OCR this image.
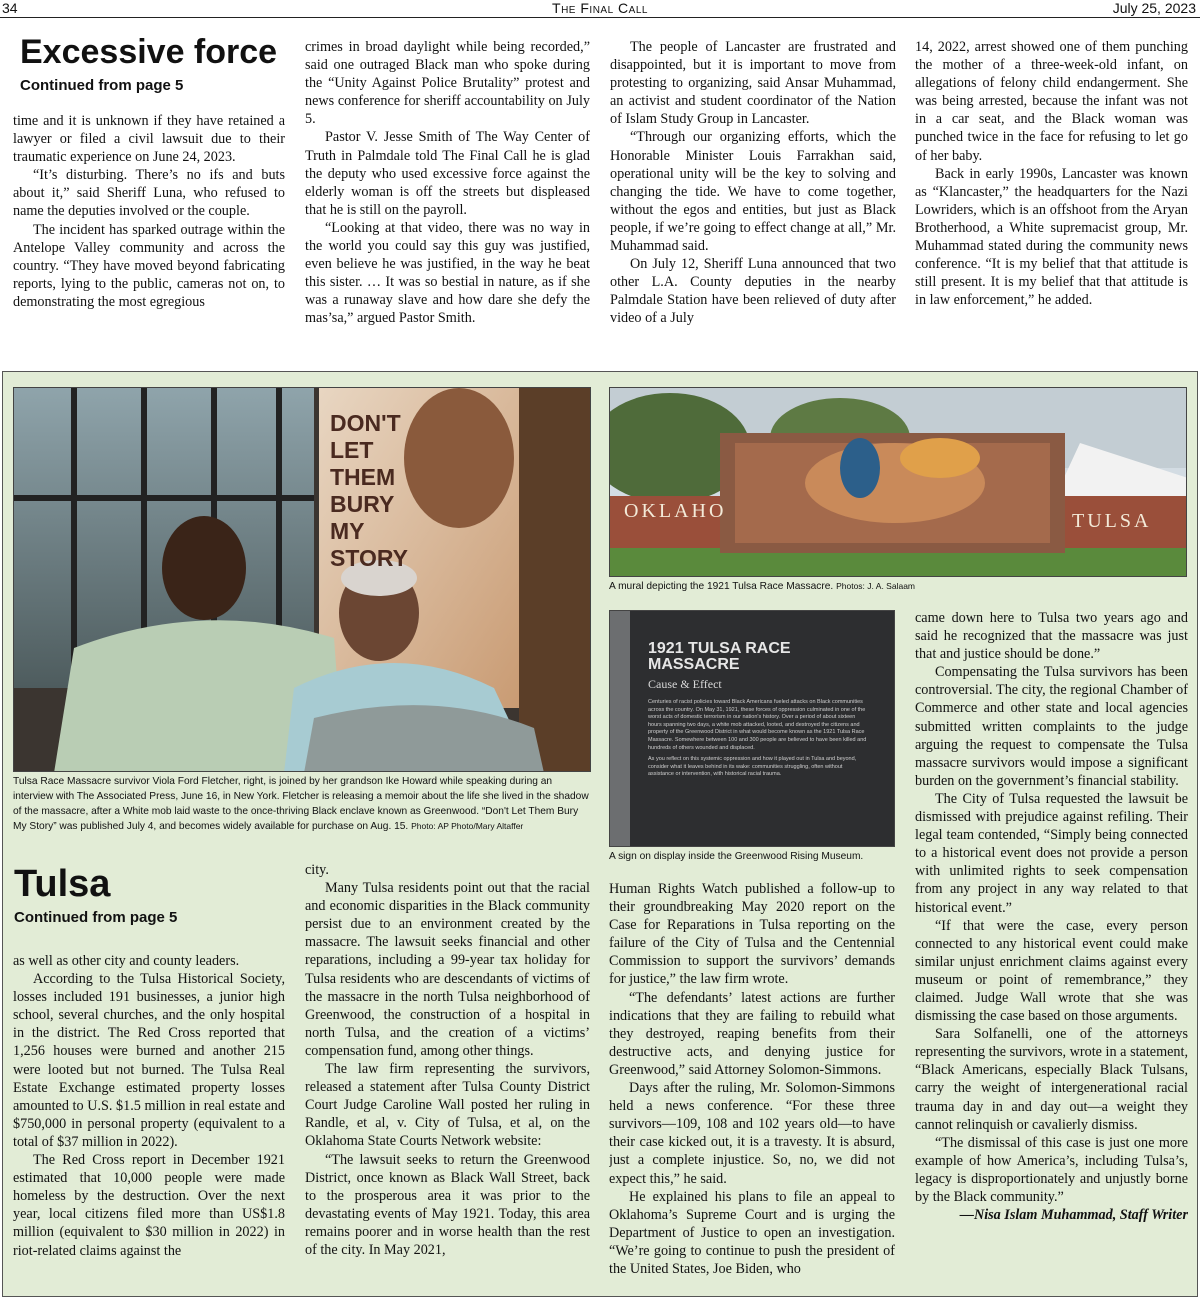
34	The Final Call	July 25, 2023
Excessive force
Continued from page 5

time and it is unknown if they have retained a lawyer or filed a civil lawsuit due to their traumatic experience on June 24, 2023.

“It’s disturbing. There’s no ifs and buts about it,” said Sheriff Luna, who refused to name the deputies involved or the couple.

The incident has sparked outrage within the Antelope Valley community and across the country. “They have moved beyond fabricating reports, lying to the public, cameras not on, to demonstrating the most egregious

crimes in broad daylight while being recorded,” said one outraged Black man who spoke during the “Unity Against Police Brutality” protest and news conference for sheriff accountability on July 5.

Pastor V. Jesse Smith of The Way Center of Truth in Palmdale told The Final Call he is glad the deputy who used excessive force against the elderly woman is off the streets but displeased that he is still on the payroll.

“Looking at that video, there was no way in the world you could say this guy was justified, even believe he was justified, in the way he beat this sister. … It was so bestial in nature, as if she was a runaway slave and how dare she defy the mas’sa,” argued Pastor Smith.

The people of Lancaster are frustrated and disappointed, but it is important to move from protesting to organizing, said Ansar Muhammad, an activist and student coordinator of the Nation of Islam Study Group in Lancaster.

“Through our organizing efforts, which the Honorable Minister Louis Farrakhan said, operational unity will be the key to solving and changing the tide. We have to come together, without the egos and entities, but just as Black people, if we’re going to effect change at all,” Mr. Muhammad said.

On July 12, Sheriff Luna announced that two other L.A. County deputies in the nearby Palmdale Station have been relieved of duty after video of a July

14, 2022, arrest showed one of them punching the mother of a three-week-old infant, on allegations of felony child endangerment. She was being arrested, because the infant was not in a car seat, and the Black woman was punched twice in the face for refusing to let go of her baby.

Back in early 1990s, Lancaster was known as “Klancaster,” the headquarters for the Nazi Lowriders, which is an offshoot from the Aryan Brotherhood, a White supremacist group, Mr. Muhammad stated during the community news conference. “It is my belief that that attitude is still present. It is my belief that that attitude is in law enforcement,” he added.

DON'T LET THEM BURY MY STORY
Tulsa Race Massacre survivor Viola Ford Fletcher, right, is joined by her grandson Ike Howard while speaking during an interview with The Associated Press, June 16, in New York. Fletcher is releasing a memoir about the life she lived in the shadow of the massacre, after a White mob laid waste to the once-thriving Black enclave known as Greenwood. “Don't Let Them Bury My Story” was published July 4, and becomes widely available for purchase on Aug. 15. Photo: AP Photo/Mary Altaffer
OKLAHO	TULSA
A mural depicting the 1921 Tulsa Race Massacre. Photos: J. A. Salaam
1921 TULSA RACE MASSACRE
Cause & Effect
Centuries of racist policies toward Black Americans fueled attacks on Black communities across the country. On May 31, 1921, these forces of oppression culminated in one of the worst acts of domestic terrorism in our nation's history. Over a period of about sixteen hours spanning two days, a white mob attacked, looted, and destroyed the citizens and property of the Greenwood District in what would become known as the 1921 Tulsa Race Massacre. Somewhere between 100 and 300 people are believed to have been killed and hundreds of others wounded and displaced.
As you reflect on this systemic oppression and how it played out in Tulsa and beyond, consider what it leaves behind in its wake: communities struggling, often without assistance or intervention, with historical racial trauma.
A sign on display inside the Greenwood Rising Museum.
Tulsa
Continued from page 5

as well as other city and county leaders.

According to the Tulsa Historical Society, losses included 191 businesses, a junior high school, several churches, and the only hospital in the district. The Red Cross reported that 1,256 houses were burned and another 215 were looted but not burned. The Tulsa Real Estate Exchange estimated property losses amounted to U.S. $1.5 million in real estate and $750,000 in personal property (equivalent to a total of $37 million in 2022).

The Red Cross report in December 1921 estimated that 10,000 people were made homeless by the destruction. Over the next year, local citizens filed more than US$1.8 million (equivalent to $30 million in 2022) in riot-related claims against the

city.

Many Tulsa residents point out that the racial and economic disparities in the Black community persist due to an environment created by the massacre. The lawsuit seeks financial and other reparations, including a 99-year tax holiday for Tulsa residents who are descendants of victims of the massacre in the north Tulsa neighborhood of Greenwood, the construction of a hospital in north Tulsa, and the creation of a victims’ compensation fund, among other things.

The law firm representing the survivors, released a statement after Tulsa County District Court Judge Caroline Wall posted her ruling in Randle, et al, v. City of Tulsa, et al, on the Oklahoma State Courts Network website:

“The lawsuit seeks to return the Greenwood District, once known as Black Wall Street, back to the prosperous area it was prior to the devastating events of May 1921. Today, this area remains poorer and in worse health than the rest of the city. In May 2021,

Human Rights Watch published a follow-up to their groundbreaking May 2020 report on the Case for Reparations in Tulsa reporting on the failure of the City of Tulsa and the Centennial Commission to support the survivors’ demands for justice,” the law firm wrote.

“The defendants’ latest actions are further indications that they are failing to rebuild what they destroyed, reaping benefits from their destructive acts, and denying justice for Greenwood,” said Attorney Solomon-Simmons.

Days after the ruling, Mr. Solomon-Simmons held a news conference. “For these three survivors—109, 108 and 102 years old—to have their case kicked out, it is a travesty. It is absurd, just a complete injustice. So, no, we did not expect this,” he said.

He explained his plans to file an appeal to Oklahoma’s Supreme Court and is urging the Department of Justice to open an investigation. “We’re going to continue to push the president of the United States, Joe Biden, who

came down here to Tulsa two years ago and said he recognized that the massacre was just that and justice should be done.”

Compensating the Tulsa survivors has been controversial. The city, the regional Chamber of Commerce and other state and local agencies submitted written complaints to the judge arguing the request to compensate the Tulsa massacre survivors would impose a significant burden on the government’s financial stability.

The City of Tulsa requested the lawsuit be dismissed with prejudice against refiling. Their legal team contended, “Simply being connected to a historical event does not provide a person with unlimited rights to seek compensation from any project in any way related to that historical event.”

“If that were the case, every person connected to any historical event could make similar unjust enrichment claims against every museum or point of remembrance,” they claimed. Judge Wall wrote that she was dismissing the case based on those arguments.

Sara Solfanelli, one of the attorneys representing the survivors, wrote in a statement, “Black Americans, especially Black Tulsans, carry the weight of intergenerational racial trauma day in and day out—a weight they cannot relinquish or cavalierly dismiss.

“The dismissal of this case is just one more example of how America’s, including Tulsa’s, legacy is disproportionately and unjustly borne by the Black community.”

—Nisa Islam Muhammad, Staff Writer
